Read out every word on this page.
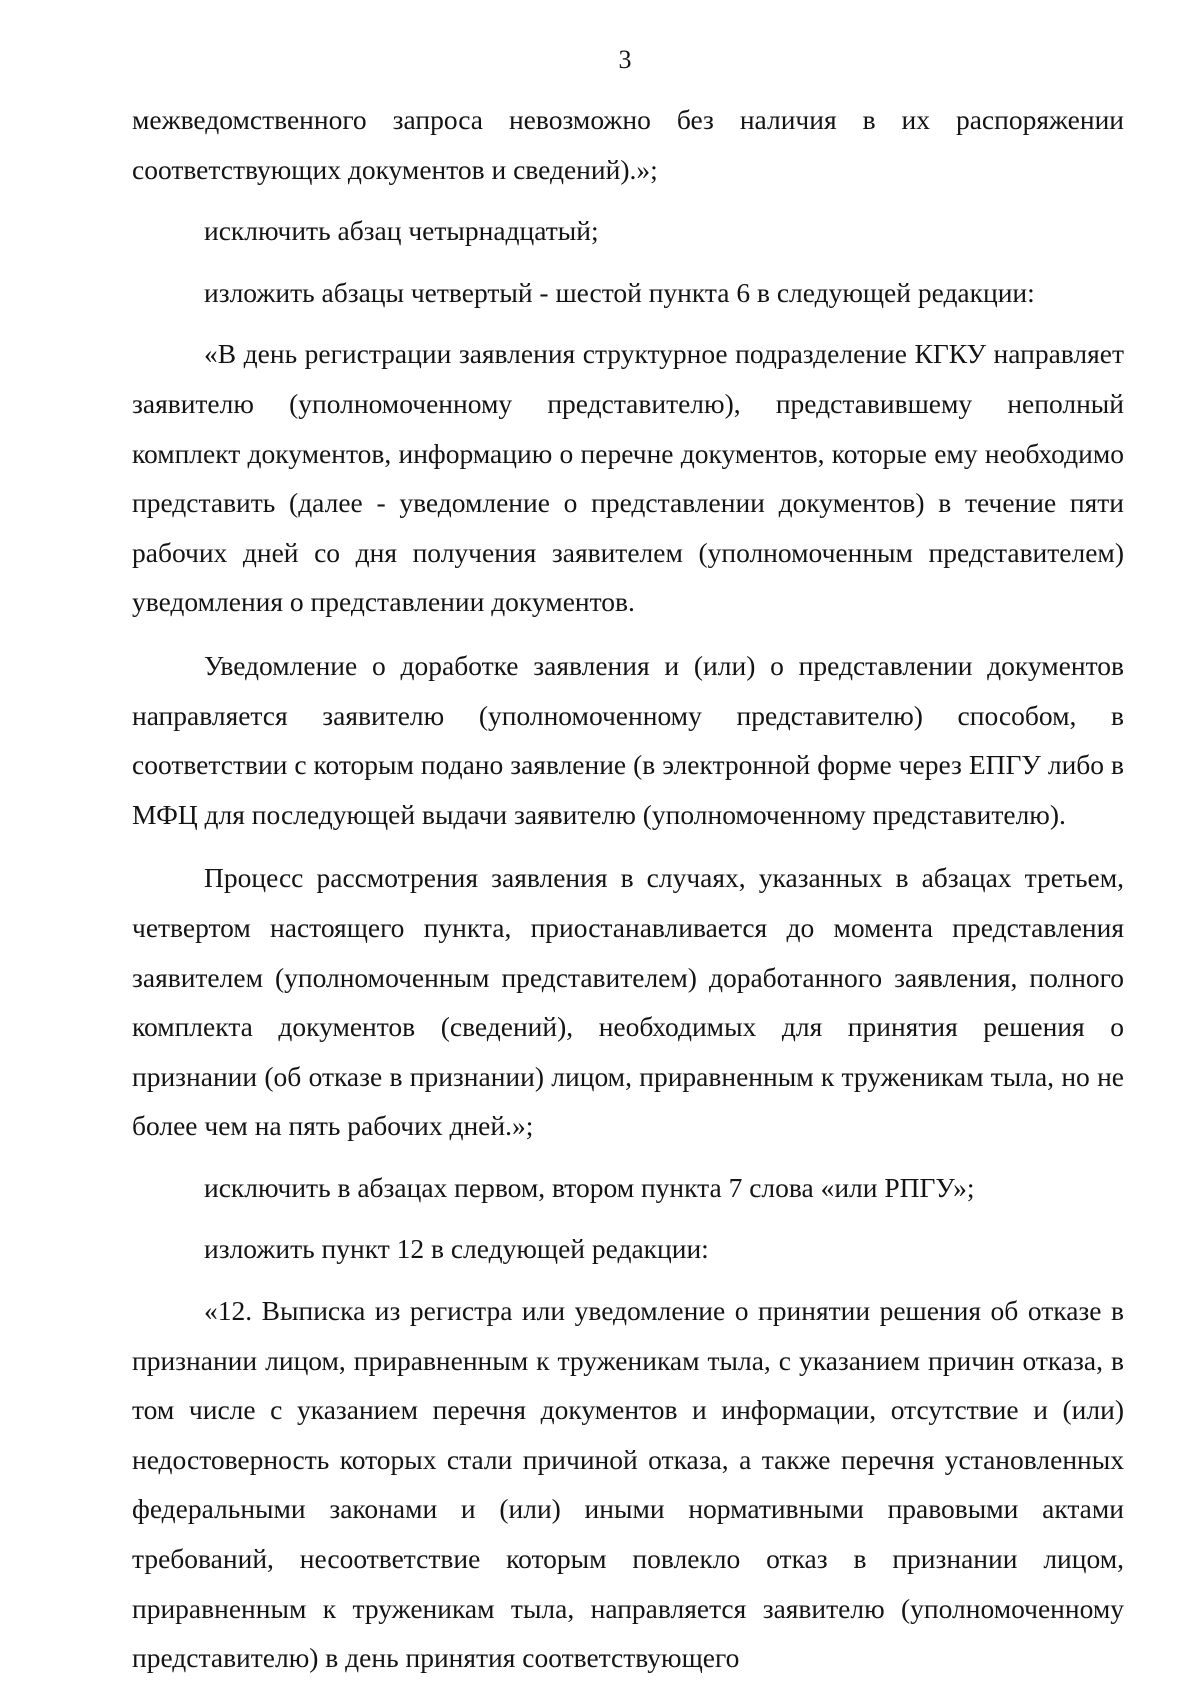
3

межведомственного запроса невозможно без наличия в их распоряжении соответствующих документов и сведений).»;

исключить абзац четырнадцатый;

изложить абзацы четвертый - шестой пункта 6 в следующей редакции:

«В день регистрации заявления структурное подразделение КГКУ направляет заявителю (уполномоченному представителю), представившему неполный комплект документов, информацию о перечне документов, которые ему необходимо представить (далее - уведомление о представлении документов) в течение пяти рабочих дней со дня получения заявителем (уполномоченным представителем) уведомления о представлении документов.

Уведомление о доработке заявления и (или) о представлении документов направляется заявителю (уполномоченному представителю) способом, в соответствии с которым подано заявление (в электронной форме через ЕПГУ либо в МФЦ для последующей выдачи заявителю (уполномоченному представителю).

Процесс рассмотрения заявления в случаях, указанных в абзацах третьем, четвертом настоящего пункта, приостанавливается до момента представления заявителем (уполномоченным представителем) доработанного заявления, полного комплекта документов (сведений), необходимых для принятия решения о признании (об отказе в признании) лицом, приравненным к труженикам тыла, но не более чем на пять рабочих дней.»;

исключить в абзацах первом, втором пункта 7 слова «или РПГУ»;

изложить пункт 12 в следующей редакции:

«12. Выписка из регистра или уведомление о принятии решения об отказе в признании лицом, приравненным к труженикам тыла, с указанием причин отказа, в том числе с указанием перечня документов и информации, отсутствие и (или) недостоверность которых стали причиной отказа, а также перечня установленных федеральными законами и (или) иными нормативными правовыми актами требований, несоответствие которым повлекло отказ в признании лицом, приравненным к труженикам тыла, направляется заявителю (уполномоченному представителю) в день принятия соответствующего
